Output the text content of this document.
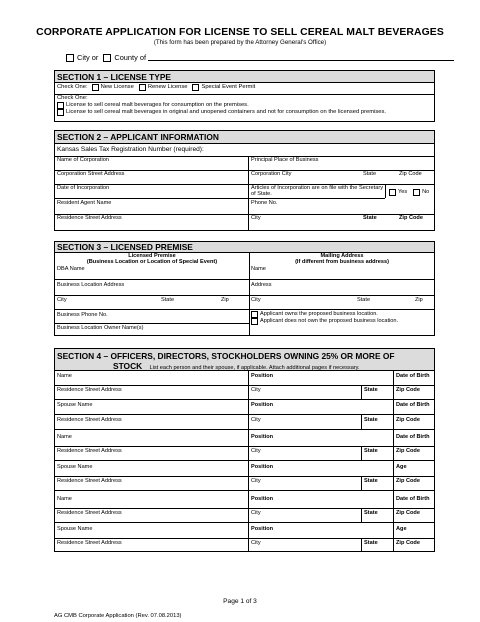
CORPORATE APPLICATION FOR LICENSE TO SELL CEREAL MALT BEVERAGES
(This form has been prepared by the Attorney General's Office)
City or County of
SECTION 1 – LICENSE TYPE
Check One: New License Renew License Special Event Permit
Check One:
License to sell cereal malt beverages for consumption on the premises.
License to sell cereal malt beverages in original and unopened containers and not for consumption on the licensed premises.
SECTION 2 – APPLICANT INFORMATION
Kansas Sales Tax Registration Number (required):
Name of Corporation	Principal Place of Business
Corporation Street Address	Corporation City	State	Zip Code
Date of Incorporation	Articles of Incorporation are on file with the Secretary of State.	Yes	No
Resident Agent Name	Phone No.
Residence Street Address	City	State	Zip Code
SECTION 3 – LICENSED PREMISE
Licensed Premise
(Business Location or Location of Special Event)
Mailing Address
(If different from business address)
DBA Name	Name
Business Location Address	Address
City	State	Zip	City	State	Zip
Business Phone No.	Applicant owns the proposed business location.
Applicant does not own the proposed business location.
Business Location Owner Name(s)
SECTION 4 – OFFICERS, DIRECTORS, STOCKHOLDERS OWNING 25% OR MORE OF
STOCK List each person and their spouse, if applicable. Attach additional pages if necessary.
Name	Position	Date of Birth
Residence Street Address	City	State	Zip Code
Spouse Name	Position	Date of Birth
Residence Street Address	City	State	Zip Code
Name	Position	Date of Birth
Residence Street Address	City	State	Zip Code
Spouse Name	Position	Age
Residence Street Address	City	State	Zip Code
Name	Position	Date of Birth
Residence Street Address	City	State	Zip Code
Spouse Name	Position	Age
Residence Street Address	City	State	Zip Code
Page 1 of 3
AG CMB Corporate Application (Rev. 07.08.2013)
